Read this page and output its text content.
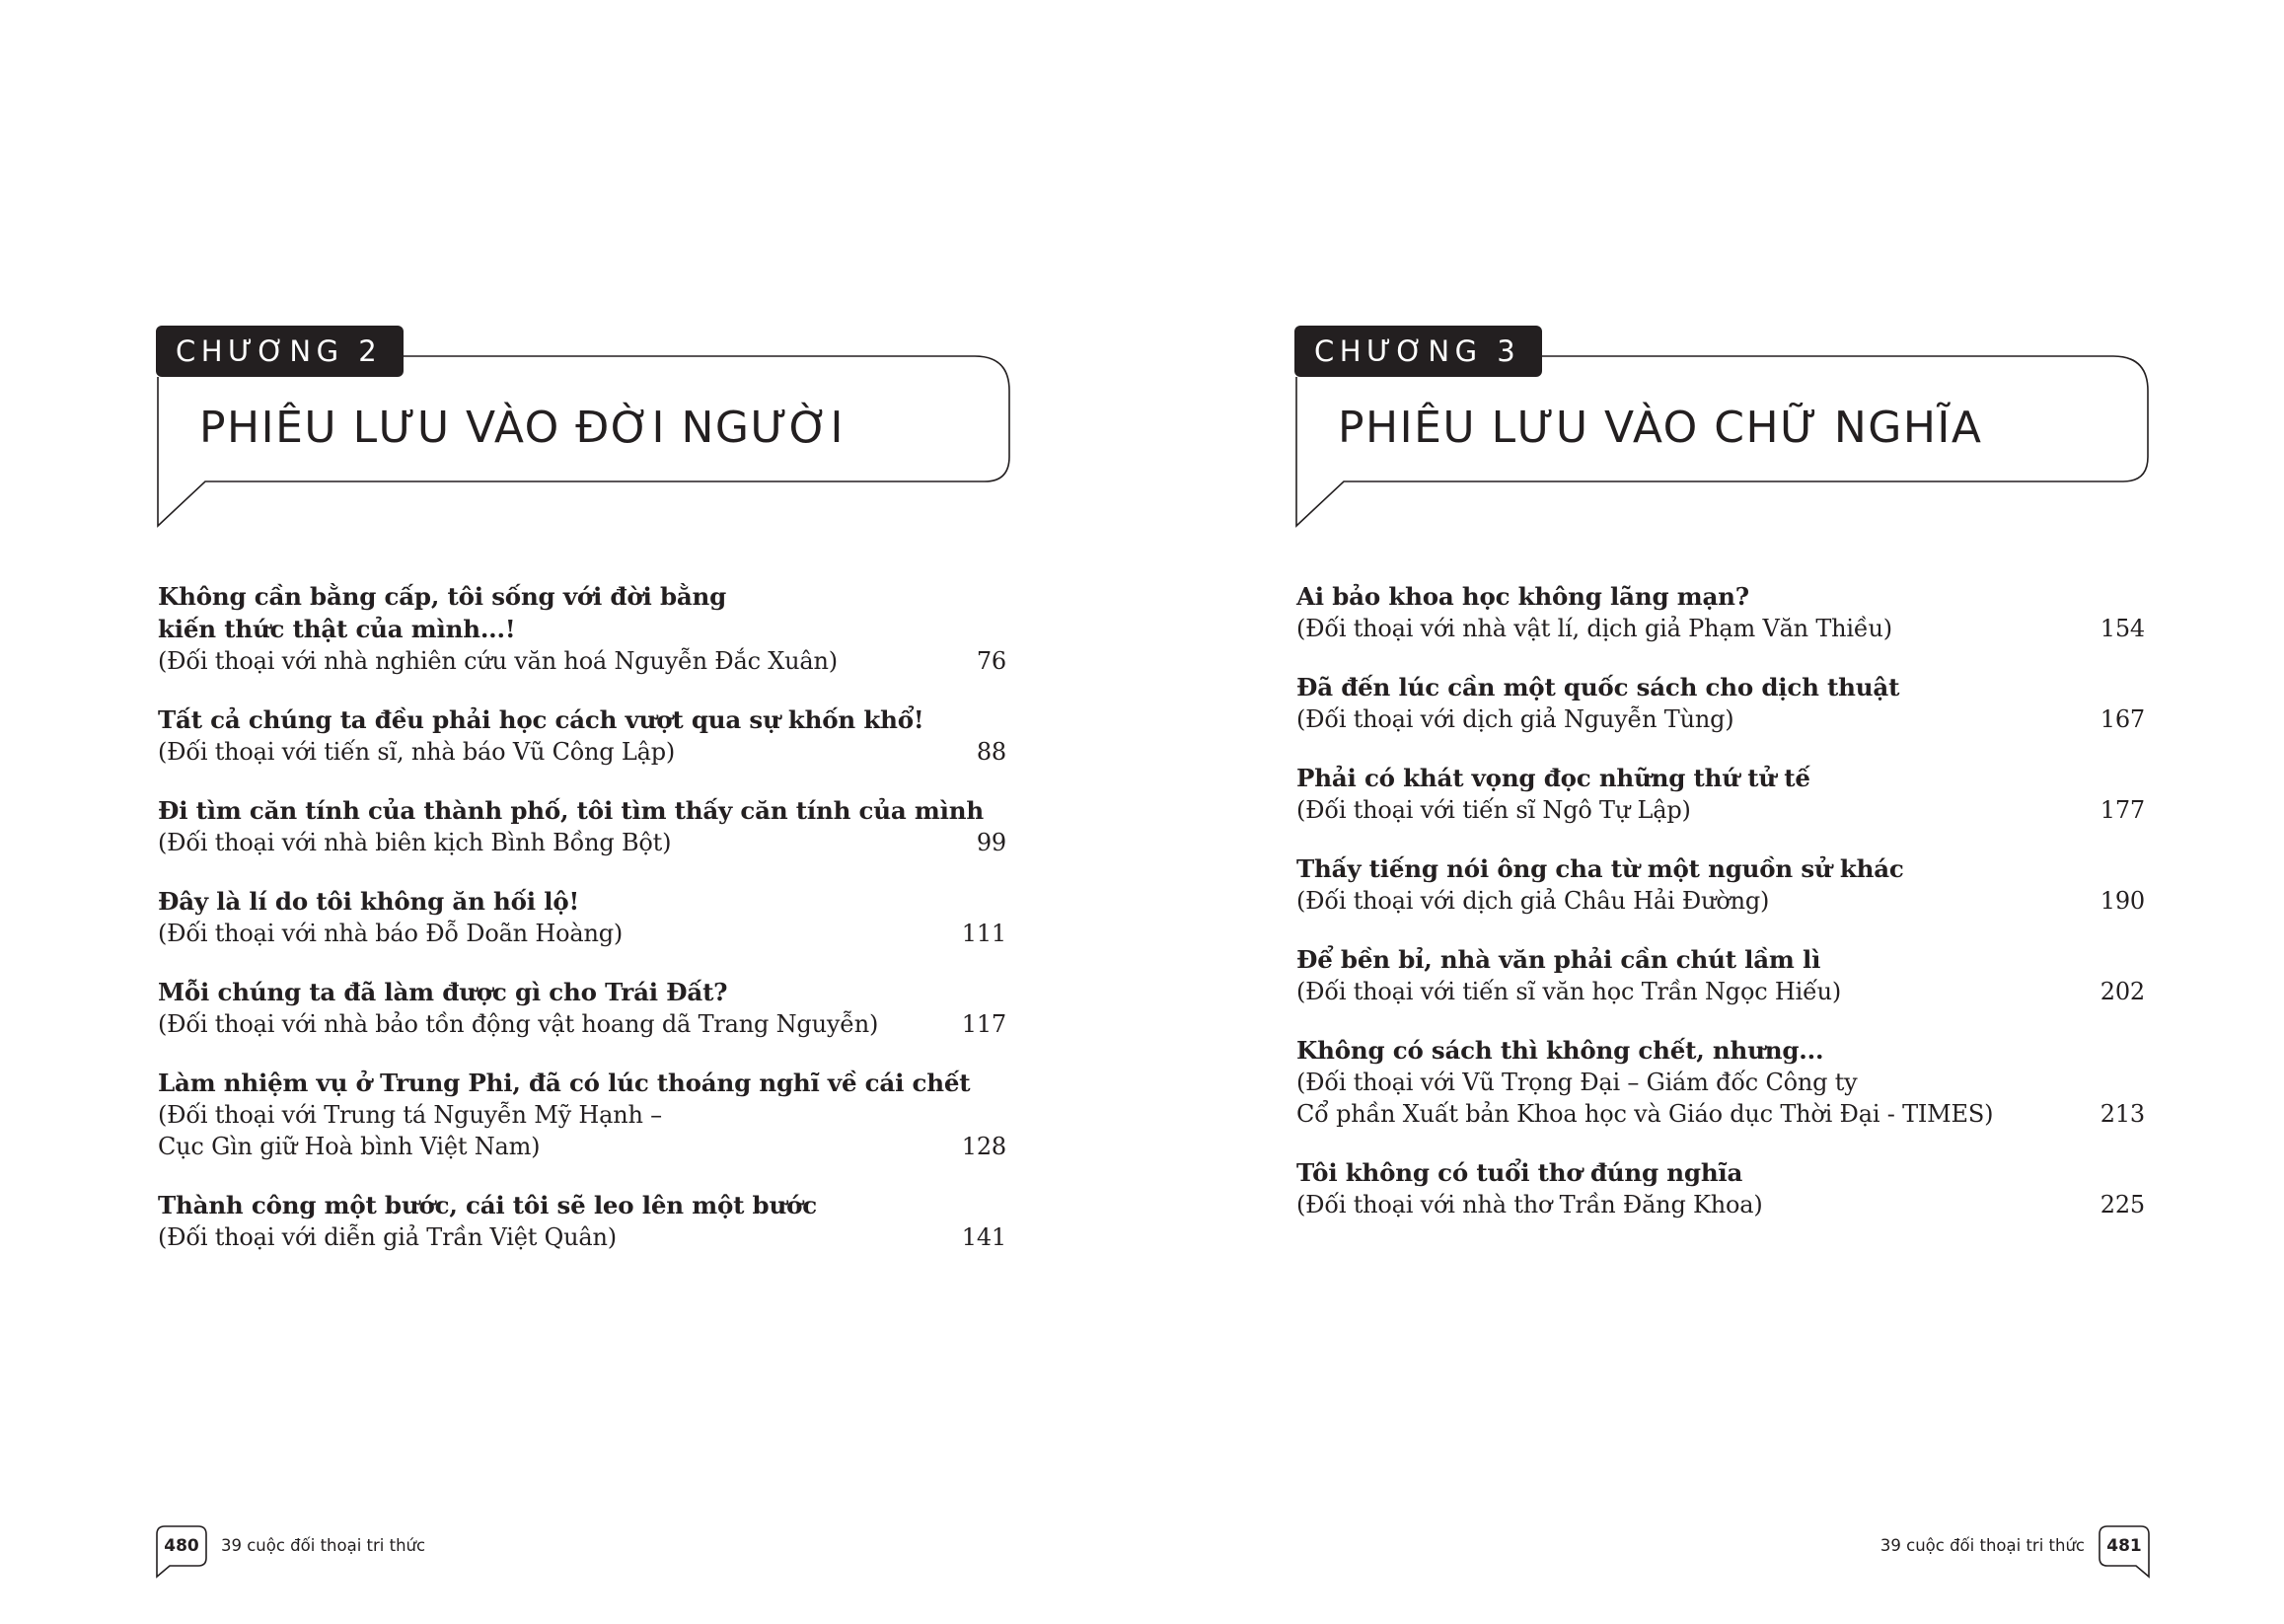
CHƯƠNG 2
PHIÊU LƯU VÀO ĐỜI NGƯỜI
Không cần bằng cấp, tôi sống với đời bằng
kiến thức thật của mình...!
(Đối thoại với nhà nghiên cứu văn hoá Nguyễn Đắc Xuân)	76
Tất cả chúng ta đều phải học cách vượt qua sự khốn khổ!
(Đối thoại với tiến sĩ, nhà báo Vũ Công Lập)	88
Đi tìm căn tính của thành phố, tôi tìm thấy căn tính của mình
(Đối thoại với nhà biên kịch Bình Bồng Bột)	99
Đây là lí do tôi không ăn hối lộ!
(Đối thoại với nhà báo Đỗ Doãn Hoàng)	111
Mỗi chúng ta đã làm được gì cho Trái Đất?
(Đối thoại với nhà bảo tồn động vật hoang dã Trang Nguyễn)	117
Làm nhiệm vụ ở Trung Phi, đã có lúc thoáng nghĩ về cái chết
(Đối thoại với Trung tá Nguyễn Mỹ Hạnh –
Cục Gìn giữ Hoà bình Việt Nam)	128
Thành công một bước, cái tôi sẽ leo lên một bước
(Đối thoại với diễn giả Trần Việt Quân)	141
480	39 cuộc đối thoại tri thức
CHƯƠNG 3
PHIÊU LƯU VÀO CHỮ NGHĨA
Ai bảo khoa học không lãng mạn?
(Đối thoại với nhà vật lí, dịch giả Phạm Văn Thiều)	154
Đã đến lúc cần một quốc sách cho dịch thuật
(Đối thoại với dịch giả Nguyễn Tùng)	167
Phải có khát vọng đọc những thứ tử tế
(Đối thoại với tiến sĩ Ngô Tự Lập)	177
Thấy tiếng nói ông cha từ một nguồn sử khác
(Đối thoại với dịch giả Châu Hải Đường)	190
Để bền bỉ, nhà văn phải cần chút lầm lì
(Đối thoại với tiến sĩ văn học Trần Ngọc Hiếu)	202
Không có sách thì không chết, nhưng...
(Đối thoại với Vũ Trọng Đại – Giám đốc Công ty
Cổ phần Xuất bản Khoa học và Giáo dục Thời Đại - TIMES)	213
Tôi không có tuổi thơ đúng nghĩa
(Đối thoại với nhà thơ Trần Đăng Khoa)	225
39 cuộc đối thoại tri thức	481
